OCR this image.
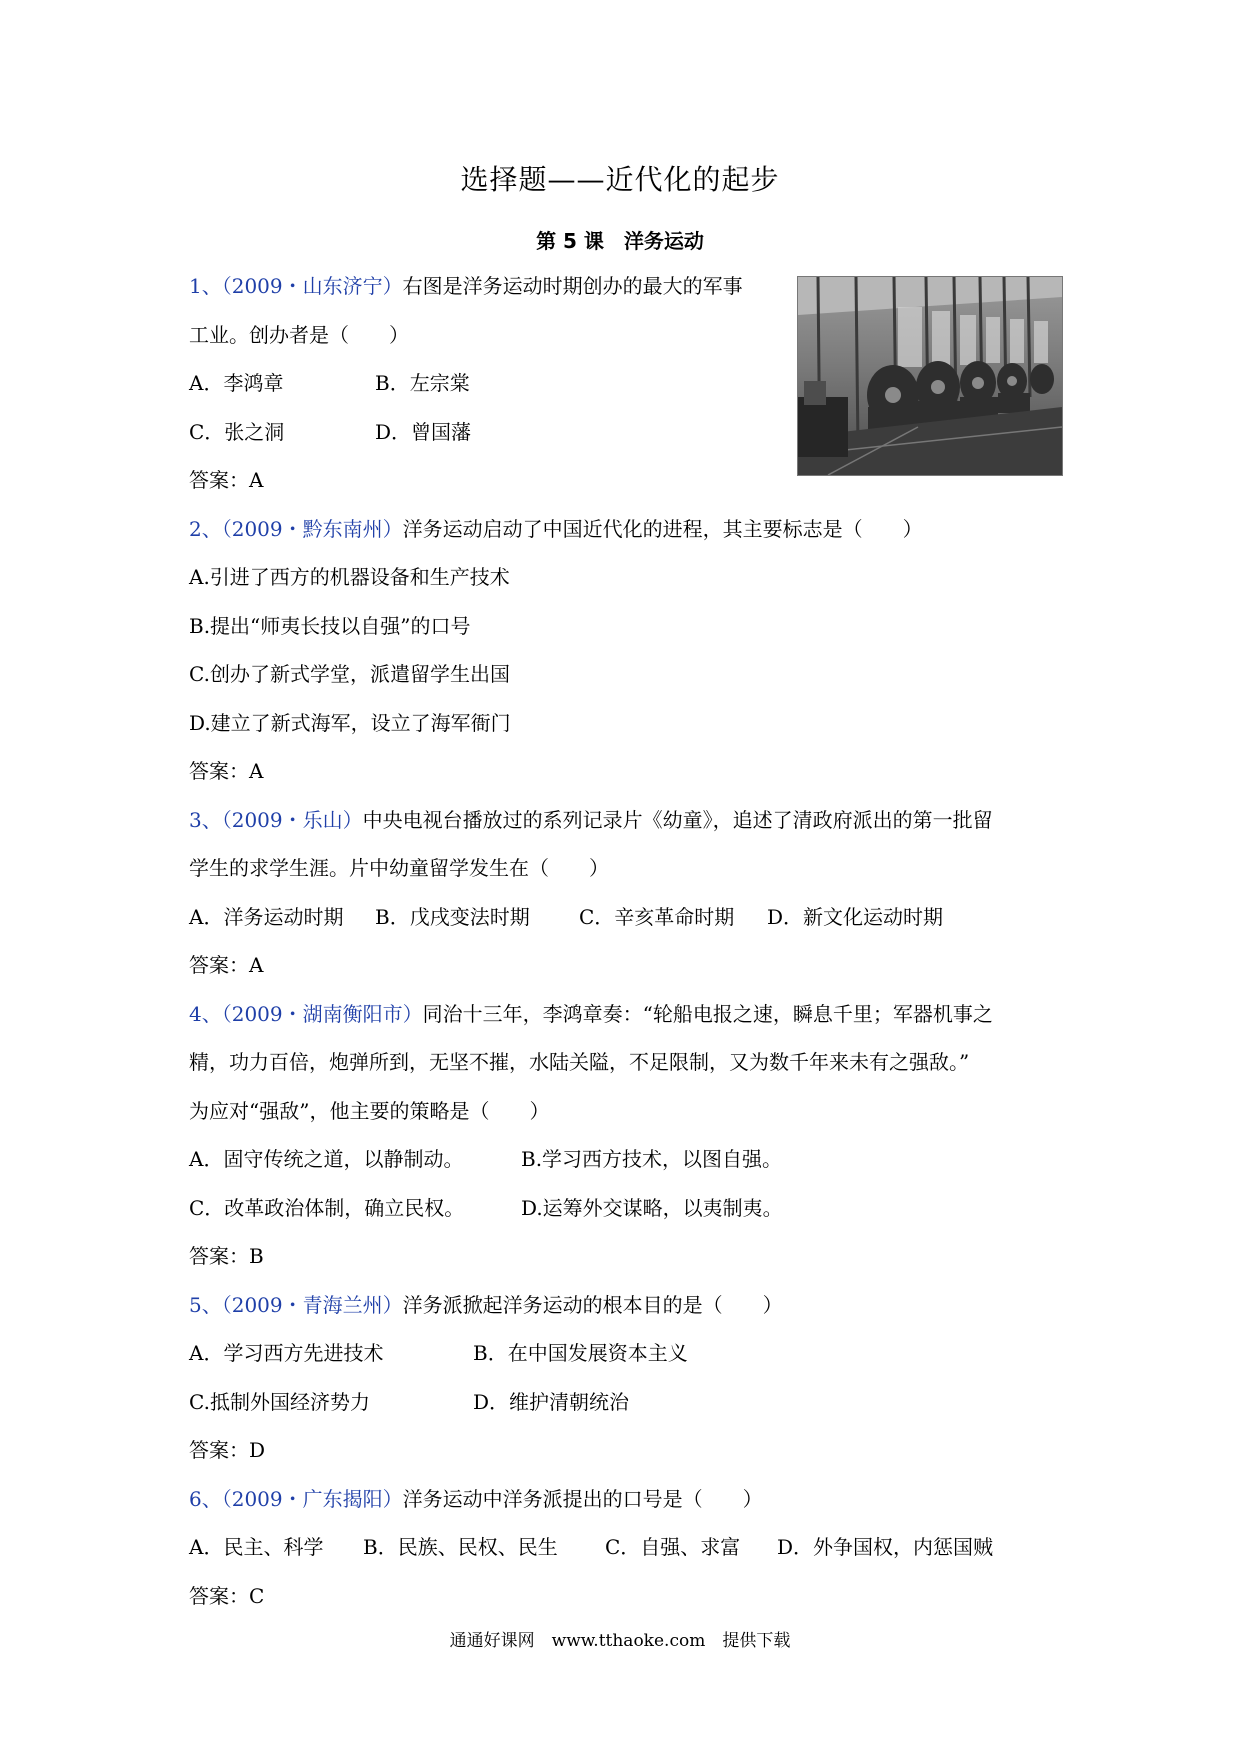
选择题——近代化的起步
第 5 课　洋务运动
1、（2009・山东济宁）右图是洋务运动时期创办的最大的军事
工业。创办者是（　　）
A．李鸿章	B．左宗棠
C．张之洞	D．曾国藩
答案：A
2、（2009・黔东南州）洋务运动启动了中国近代化的进程，其主要标志是（　　）
A.引进了西方的机器设备和生产技术
B.提出“师夷长技以自强”的口号
C.创办了新式学堂，派遣留学生出国
D.建立了新式海军，设立了海军衙门
答案：A
3、（2009・乐山）中央电视台播放过的系列记录片《幼童》，追述了清政府派出的第一批留
学生的求学生涯。片中幼童留学发生在（　　）
A．洋务运动时期 B．戊戌变法时期 C．辛亥革命时期 D．新文化运动时期
答案：A
4、（2009・湖南衡阳市）同治十三年，李鸿章奏：“轮船电报之速，瞬息千里；军器机事之
精，功力百倍，炮弹所到，无坚不摧，水陆关隘，不足限制，又为数千年来未有之强敌。”
为应对“强敌”，他主要的策略是（　　）
A．固守传统之道，以静制动。	B.学习西方技术，以图自强。
C．改革政治体制，确立民权。	D.运筹外交谋略，以夷制夷。
答案：B
5、（2009・青海兰州）洋务派掀起洋务运动的根本目的是（　　）
A．学习西方先进技术	B．在中国发展资本主义
C.抵制外国经济势力	D．维护清朝统治
答案：D
6、（2009・广东揭阳）洋务运动中洋务派提出的口号是（　　）
A．民主、科学 B．民族、民权、民生 C．自强、求富 D．外争国权，内惩国贼
答案：C
通通好课网　www.tthaoke.com　提供下载
